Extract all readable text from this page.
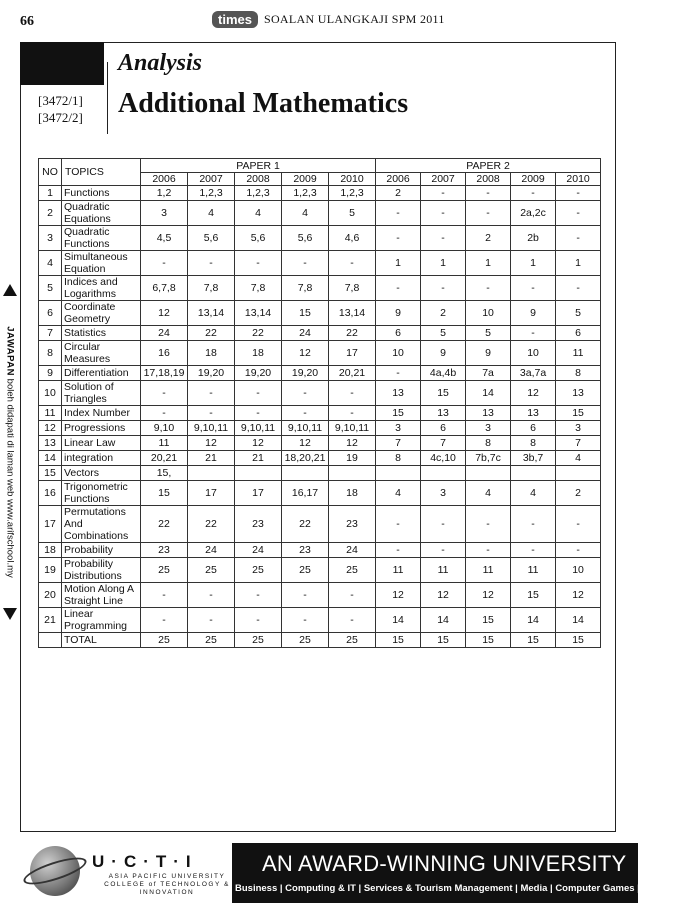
66	times	SOALAN ULANGKAJI SPM 2011
Analysis
Additional Mathematics
[3472/1]
[3472/2]
JAWAPAN boleh didapati di laman web www.arifschool.my
NO	TOPICS	PAPER 1					PAPER 2				
		2006	2007	2008	2009	2010	2006	2007	2008	2009	2010
1	Functions	1,2	1,2,3	1,2,3	1,2,3	1,2,3	2	-	-	-	-
2	Quadratic Equations	3	4	4	4	5	-	-	-	2a,2c	-
3	Quadratic Functions	4,5	5,6	5,6	5,6	4,6	-	-	2	2b	-
4	Simultaneous Equation	-	-	-	-	-	1	1	1	1	1
5	Indices and Logarithms	6,7,8	7,8	7,8	7,8	7,8	-	-	-	-	-
6	Coordinate Geometry	12	13,14	13,14	15	13,14	9	2	10	9	5
7	Statistics	24	22	22	24	22	6	5	5	-	6
8	Circular Measures	16	18	18	12	17	10	9	9	10	11
9	Differentiation	17,18,19	19,20	19,20	19,20	20,21	-	4a,4b	7a	3a,7a	8
10	Solution of Triangles	-	-	-	-	-	13	15	14	12	13
11	Index Number	-	-	-	-	-	15	13	13	13	15
12	Progressions	9,10	9,10,11	9,10,11	9,10,11	9,10,11	3	6	3	6	3
13	Linear Law	11	12	12	12	12	7	7	8	8	7
14	integration	20,21	21	21	18,20,21	19	8	4c,10	7b,7c	3b,7	4
15	Vectors	15,									
16	Trigonometric Functions	15	17	17	16,17	18	4	3	4	4	2
17	Permutations And Combinations	22	22	23	22	23	-	-	-	-	-
18	Probability	23	24	24	23	24	-	-	-	-	-
19	Probability Distributions	25	25	25	25	25	11	11	11	11	10
20	Motion Along A Straight Line	-	-	-	-	-	12	12	12	15	12
21	Linear Programming	-	-	-	-	-	14	14	15	14	14
	TOTAL	25	25	25	25	25	15	15	15	15	15
U·C·T·I
ASIA PACIFIC UNIVERSITY COLLEGE of TECHNOLOGY & INNOVATION
AN AWARD-WINNING UNIVERSITY
Business | Computing & IT | Services & Tourism Management | Media | Computer Games | Engineering
